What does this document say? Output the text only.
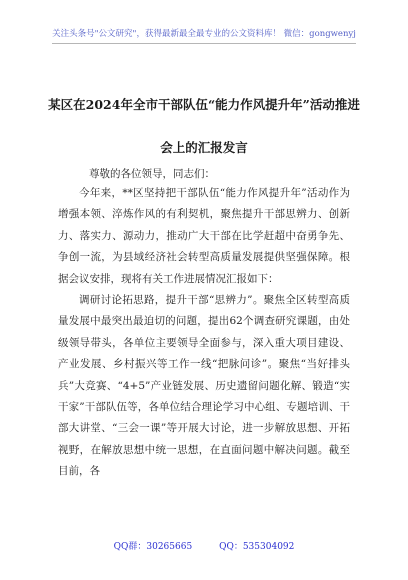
关注头条号"公文研究"，获得最新最全最专业的公文资料库！ 微信：gongwenyj
某区在2024年全市干部队伍“能力作风提升年”活动推进
会上的汇报发言
尊敬的各位领导，同志们：
今年来，**区坚持把干部队伍“能力作风提升年”活动作为增强本领、淬炼作风的有利契机，聚焦提升干部思辨力、创新力、落实力、源动力，推动广大干部在比学赶超中奋勇争先、争创一流，为县域经济社会转型高质量发展提供坚强保障。根据会议安排，现将有关工作进展情况汇报如下：
调研讨论拓思路，提升干部“思辨力”。聚焦全区转型高质量发展中最突出最迫切的问题，提出62个调查研究课题，由处级领导带头，各单位主要领导全面参与，深入重大项目建设、产业发展、乡村振兴等工作一线“把脉问诊”。聚焦“当好排头兵”大竞赛、“4+5”产业链发展、历史遗留问题化解、锻造“实干家”干部队伍等，各单位结合理论学习中心组、专题培训、干部大讲堂、“三会一课”等开展大讨论，进一步解放思想、开拓视野，在解放思想中统一思想，在直面问题中解决问题。截至目前，各
QQ群：30265665	QQ：535304092
